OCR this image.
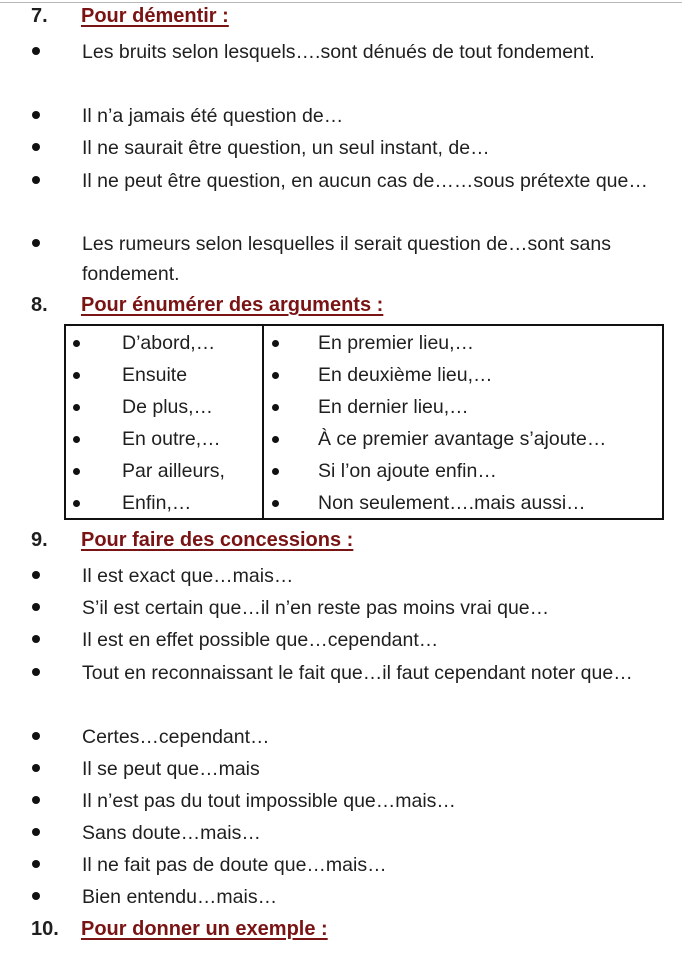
7. Pour démentir :
Les bruits selon lesquels….sont dénués de tout fondement.
Il n’a jamais été question de…
Il ne saurait être question, un seul instant, de…
Il ne peut être question, en aucun cas de……sous prétexte que…
Les rumeurs selon lesquelles il serait question de…sont sans fondement.
8. Pour énumérer des arguments :
D’abord,…
Ensuite
De plus,…
En outre,…
Par ailleurs,
Enfin,…
En premier lieu,…
En deuxième lieu,…
En dernier lieu,…
À ce premier avantage s’ajoute…
Si l’on ajoute enfin…
Non seulement….mais aussi…
9. Pour faire des concessions :
Il est exact que…mais…
S’il est certain que…il n’en reste pas moins vrai que…
Il est en effet possible que…cependant…
Tout en reconnaissant le fait que…il faut cependant noter que…
Certes…cependant…
Il se peut que…mais
Il n’est pas du tout impossible que…mais…
Sans doute…mais…
Il ne fait pas de doute que…mais…
Bien entendu…mais…
10. Pour donner un exemple :
